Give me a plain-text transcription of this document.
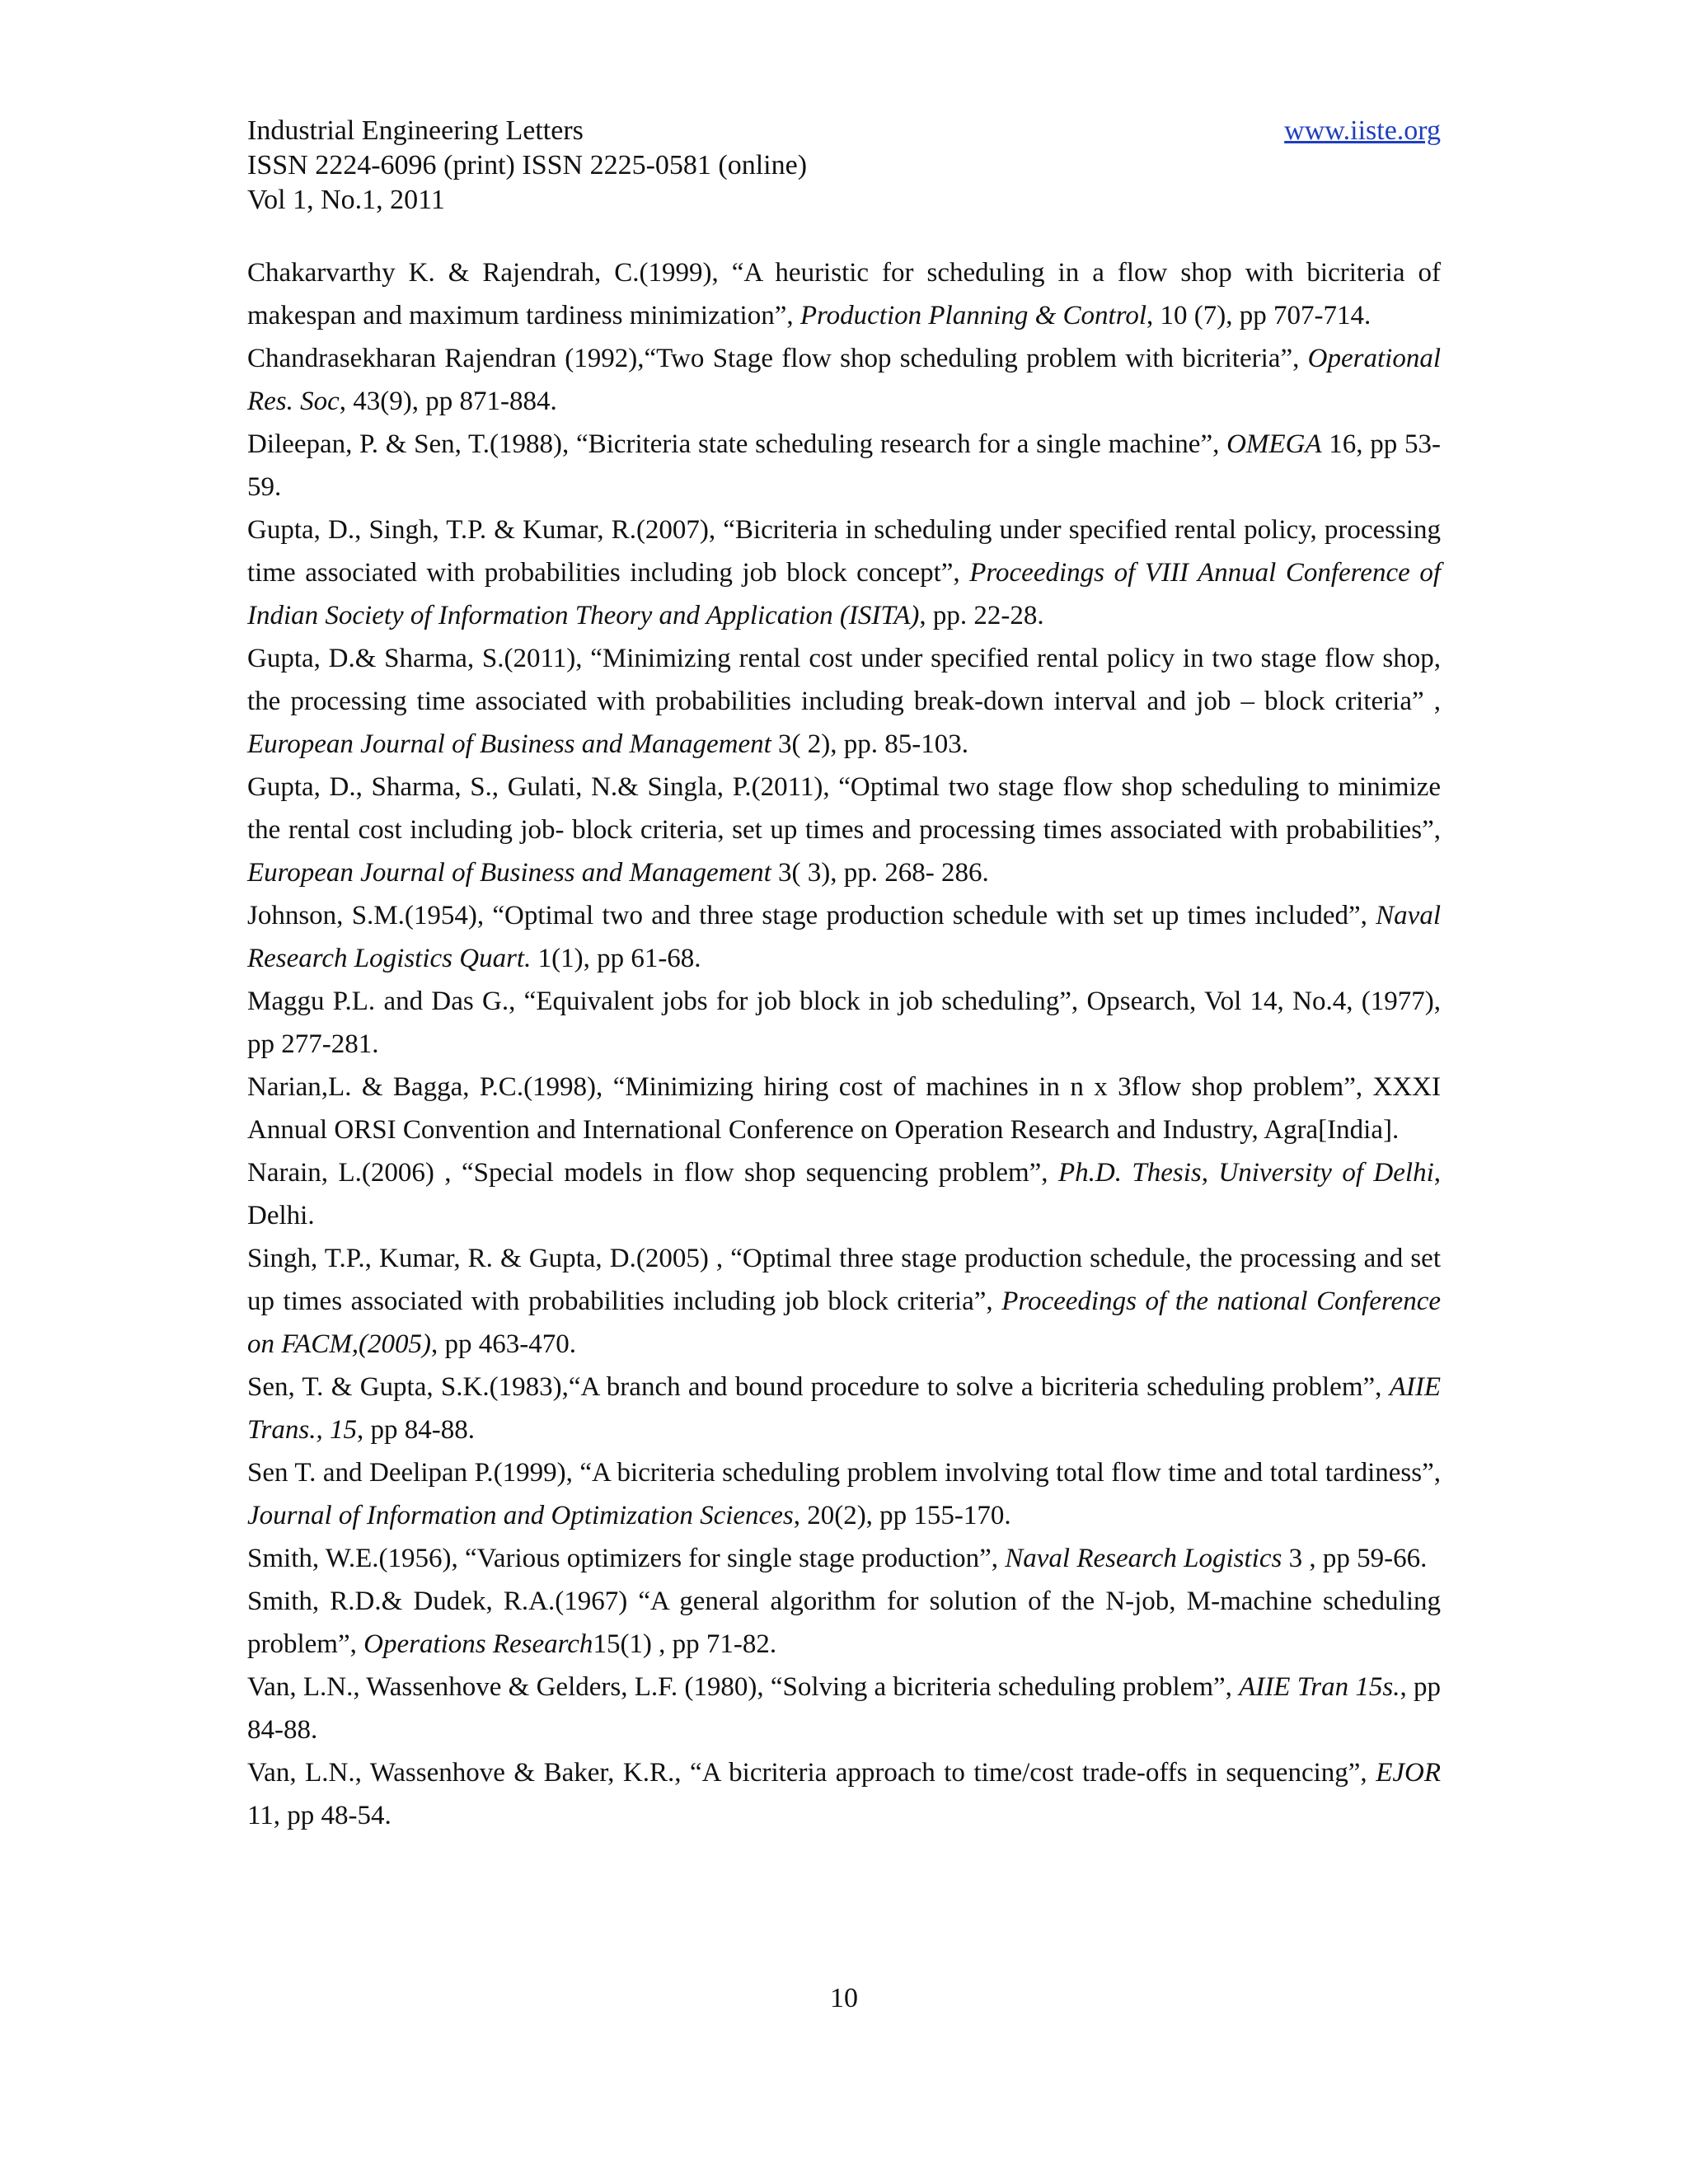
Industrial Engineering Letters
ISSN 2224-6096 (print) ISSN 2225-0581 (online)
Vol 1, No.1, 2011
www.iiste.org

Chakarvarthy K. & Rajendrah, C.(1999), “A heuristic for scheduling in a flow shop with bicriteria of makespan and maximum tardiness minimization”, Production Planning & Control, 10 (7), pp 707-714.

Chandrasekharan Rajendran (1992),“Two Stage flow shop scheduling problem with bicriteria”, Operational Res. Soc, 43(9), pp 871-884.

Dileepan, P. & Sen, T.(1988), “Bicriteria state scheduling research for a single machine”, OMEGA 16, pp 53-59.

Gupta, D., Singh, T.P. & Kumar, R.(2007), “Bicriteria in scheduling under specified rental policy, processing time associated with probabilities including job block concept”, Proceedings of VIII Annual Conference of Indian Society of Information Theory and Application (ISITA), pp. 22-28.

Gupta, D.& Sharma, S.(2011), “Minimizing rental cost under specified rental policy in two stage flow shop, the processing time associated with probabilities including break-down interval and job – block criteria” , European Journal of Business and Management 3( 2), pp. 85-103.

Gupta, D., Sharma, S., Gulati, N.& Singla, P.(2011), “Optimal two stage flow shop scheduling to minimize the rental cost including job- block criteria, set up times and processing times associated with probabilities”, European Journal of Business and Management 3( 3), pp. 268- 286.

Johnson, S.M.(1954), “Optimal two and three stage production schedule with set up times included”, Naval Research Logistics Quart. 1(1), pp 61-68.

Maggu P.L. and Das G., “Equivalent jobs for job block in job scheduling”, Opsearch, Vol 14, No.4, (1977), pp 277-281.

Narian,L. & Bagga, P.C.(1998), “Minimizing hiring cost of machines in n x 3flow shop problem”, XXXI Annual ORSI Convention and International Conference on Operation Research and Industry, Agra[India].

Narain, L.(2006) , “Special models in flow shop sequencing problem”, Ph.D. Thesis, University of Delhi, Delhi.

Singh, T.P., Kumar, R. & Gupta, D.(2005) , “Optimal three stage production schedule, the processing and set up times associated with probabilities including job block criteria”, Proceedings of the national Conference on FACM,(2005), pp 463-470.

Sen, T. & Gupta, S.K.(1983),“A branch and bound procedure to solve a bicriteria scheduling problem”, AIIE Trans., 15, pp 84-88.

Sen T. and Deelipan P.(1999), “A bicriteria scheduling problem involving total flow time and total tardiness”, Journal of Information and Optimization Sciences, 20(2), pp 155-170.

Smith, W.E.(1956), “Various optimizers for single stage production”, Naval Research Logistics 3 , pp 59-66.

Smith, R.D.& Dudek, R.A.(1967) “A general algorithm for solution of the N-job, M-machine scheduling problem”, Operations Research15(1) , pp 71-82.

Van, L.N., Wassenhove & Gelders, L.F. (1980), “Solving a bicriteria scheduling problem”, AIIE Tran 15s., pp 84-88.

Van, L.N., Wassenhove & Baker, K.R., “A bicriteria approach to time/cost trade-offs in sequencing”, EJOR 11, pp 48-54.

10
